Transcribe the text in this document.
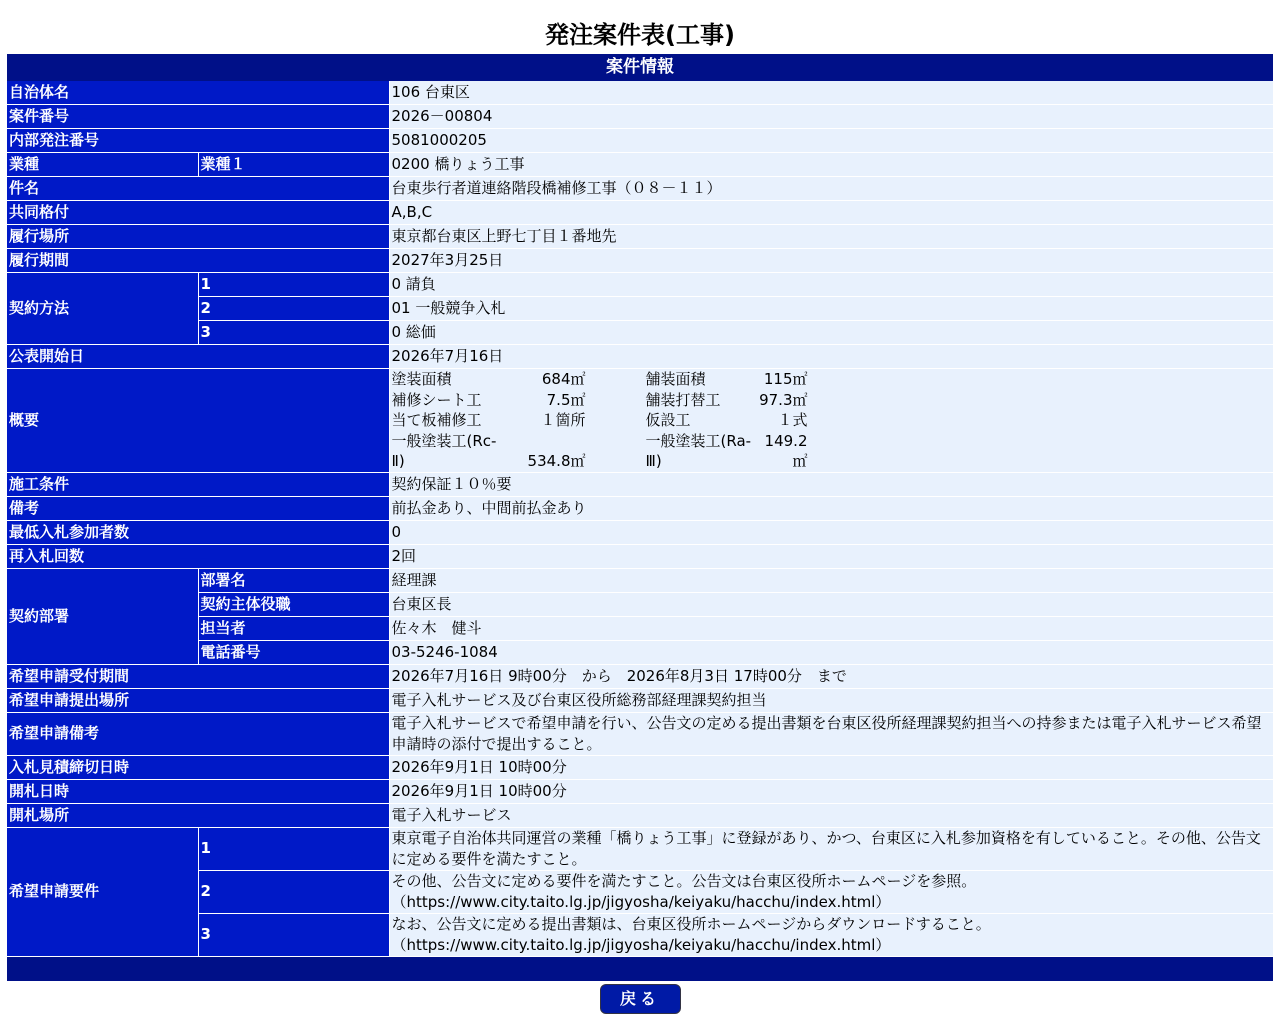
発注案件表(工事)
案件情報		
自治体名		106 台東区
案件番号		2026－00804
内部発注番号		5081000205
業種	業種１	0200 橋りょう工事
件名		台東歩行者道連絡階段橋補修工事（０８－１１）
共同格付		A,B,C
履行場所		東京都台東区上野七丁目１番地先
履行期間		2027年3月25日
契約方法	1	0 請負
	2	01 一般競争入札
	3	0 総価
公表開始日		2026年7月16日
概要		塗装面積 684㎡ 舗装面積 115㎡
補修シート工 7.5㎡ 舗装打替工 97.3㎡
当て板補修工 １箇所 仮設工 １式
一般塗装工(Rc-Ⅱ) 534.8㎡一般塗装工(Ra-Ⅲ)149.2㎡

施工条件		契約保証１０％要
備考		前払金あり、中間前払金あり
最低入札参加者数		0
再入札回数		2回
契約部署	部署名	経理課
	契約主体役職	台東区長
	担当者	佐々木　健斗
	電話番号	03-5246-1084
希望申請受付期間		2026年7月16日 9時00分　から　2026年8月3日 17時00分　まで
希望申請提出場所		電子入札サービス及び台東区役所総務部経理課契約担当
希望申請備考		電子入札サービスで希望申請を行い、公告文の定める提出書類を台東区役所経理課契約担当への持参または電子入札サービス希望申請時の添付で提出すること。
入札見積締切日時		2026年9月1日 10時00分
開札日時		2026年9月1日 10時00分
開札場所		電子入札サービス
希望申請要件	1	東京電子自治体共同運営の業種「橋りょう工事」に登録があり、かつ、台東区に入札参加資格を有していること。その他、公告文に定める要件を満たすこと。
	2	その他、公告文に定める要件を満たすこと。公告文は台東区役所ホームページを参照。（https://www.city.taito.lg.jp/jigyosha/keiyaku/hacchu/index.html）
	3	なお、公告文に定める提出書類は、台東区役所ホームページからダウンロードすること。（https://www.city.taito.lg.jp/jigyosha/keiyaku/hacchu/index.html）

戻る
